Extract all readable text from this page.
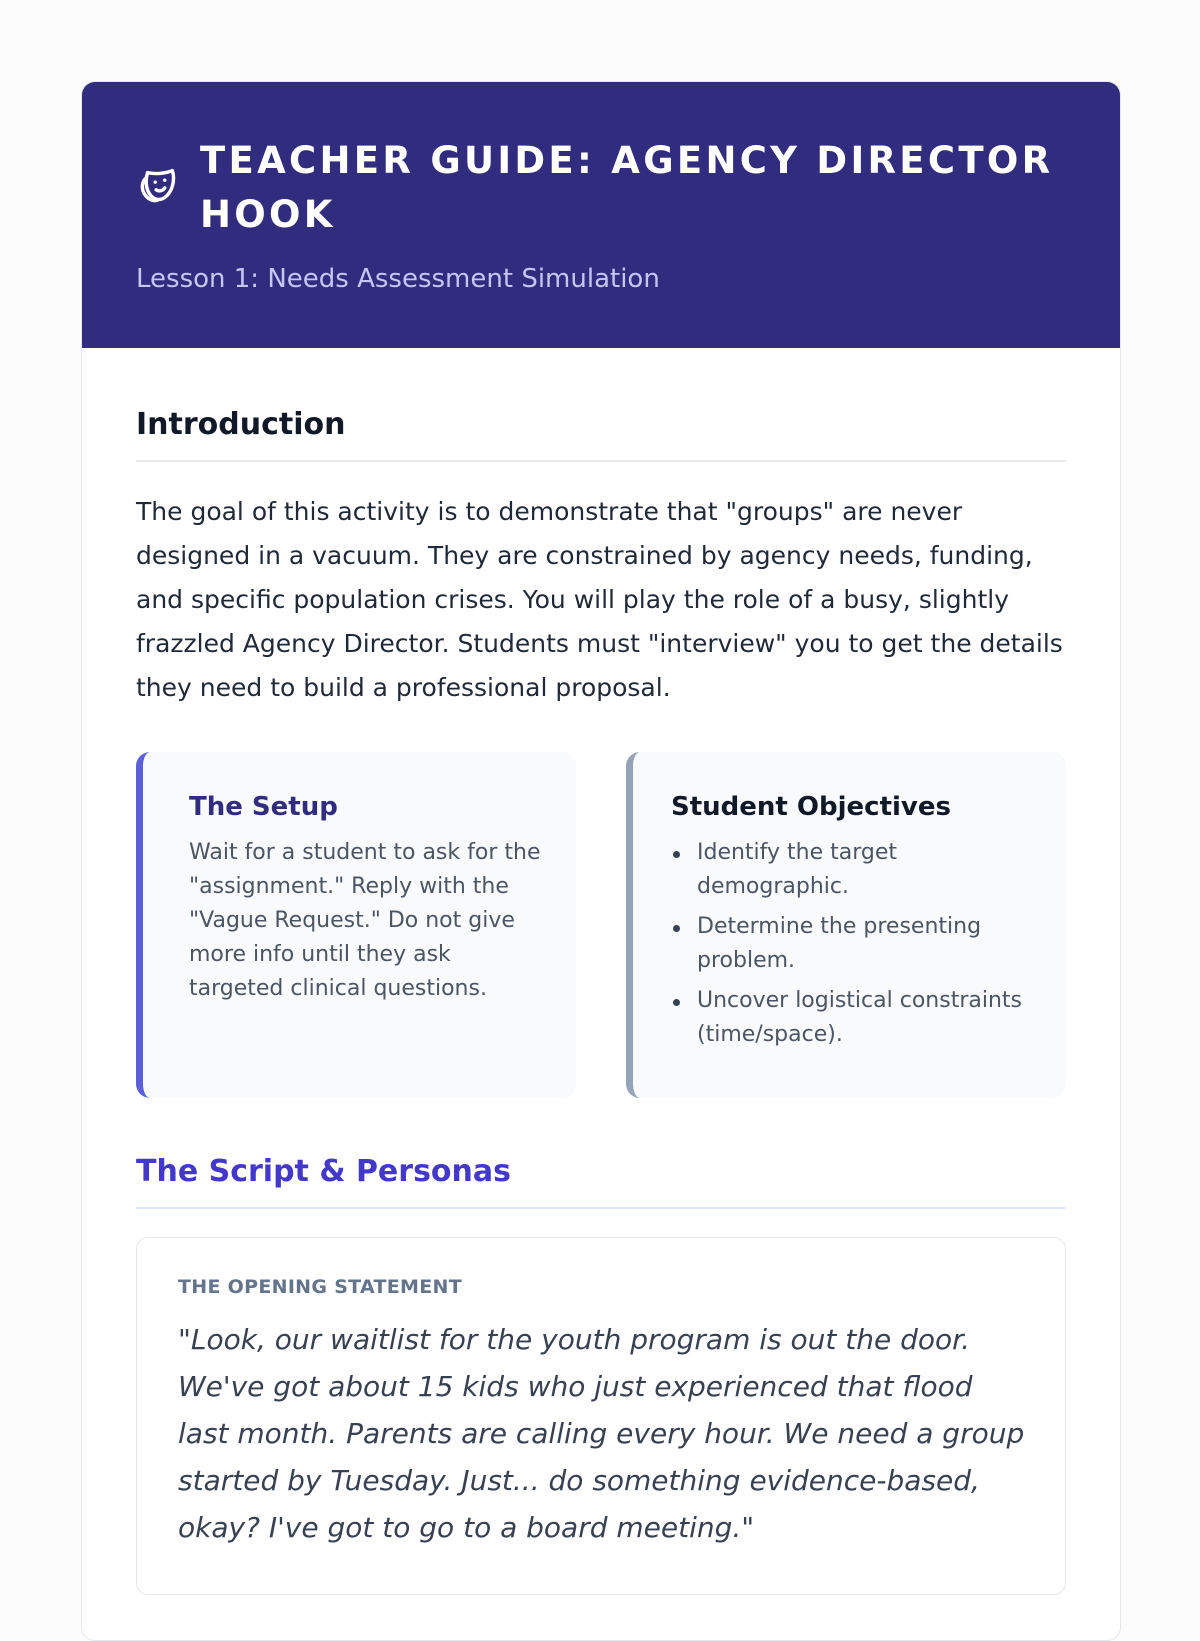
TEACHER GUIDE: AGENCY DIRECTOR HOOK
Lesson 1: Needs Assessment Simulation
Introduction

The goal of this activity is to demonstrate that "groups" are never designed in a vacuum. They are constrained by agency needs, funding, and specific population crises. You will play the role of a busy, slightly frazzled Agency Director. Students must "interview" you to get the details they need to build a professional proposal.

The Setup
Wait for a student to ask for the "assignment." Reply with the "Vague Request." Do not give more info until they ask targeted clinical questions.
Student Objectives
Identify the target demographic.
Determine the presenting problem.
Uncover logistical constraints (time/space).
The Script & Personas
THE OPENING STATEMENT
"Look, our waitlist for the youth program is out the door. We've got about 15 kids who just experienced that flood last month. Parents are calling every hour. We need a group started by Tuesday. Just... do something evidence-based, okay? I've got to go to a board meeting."
